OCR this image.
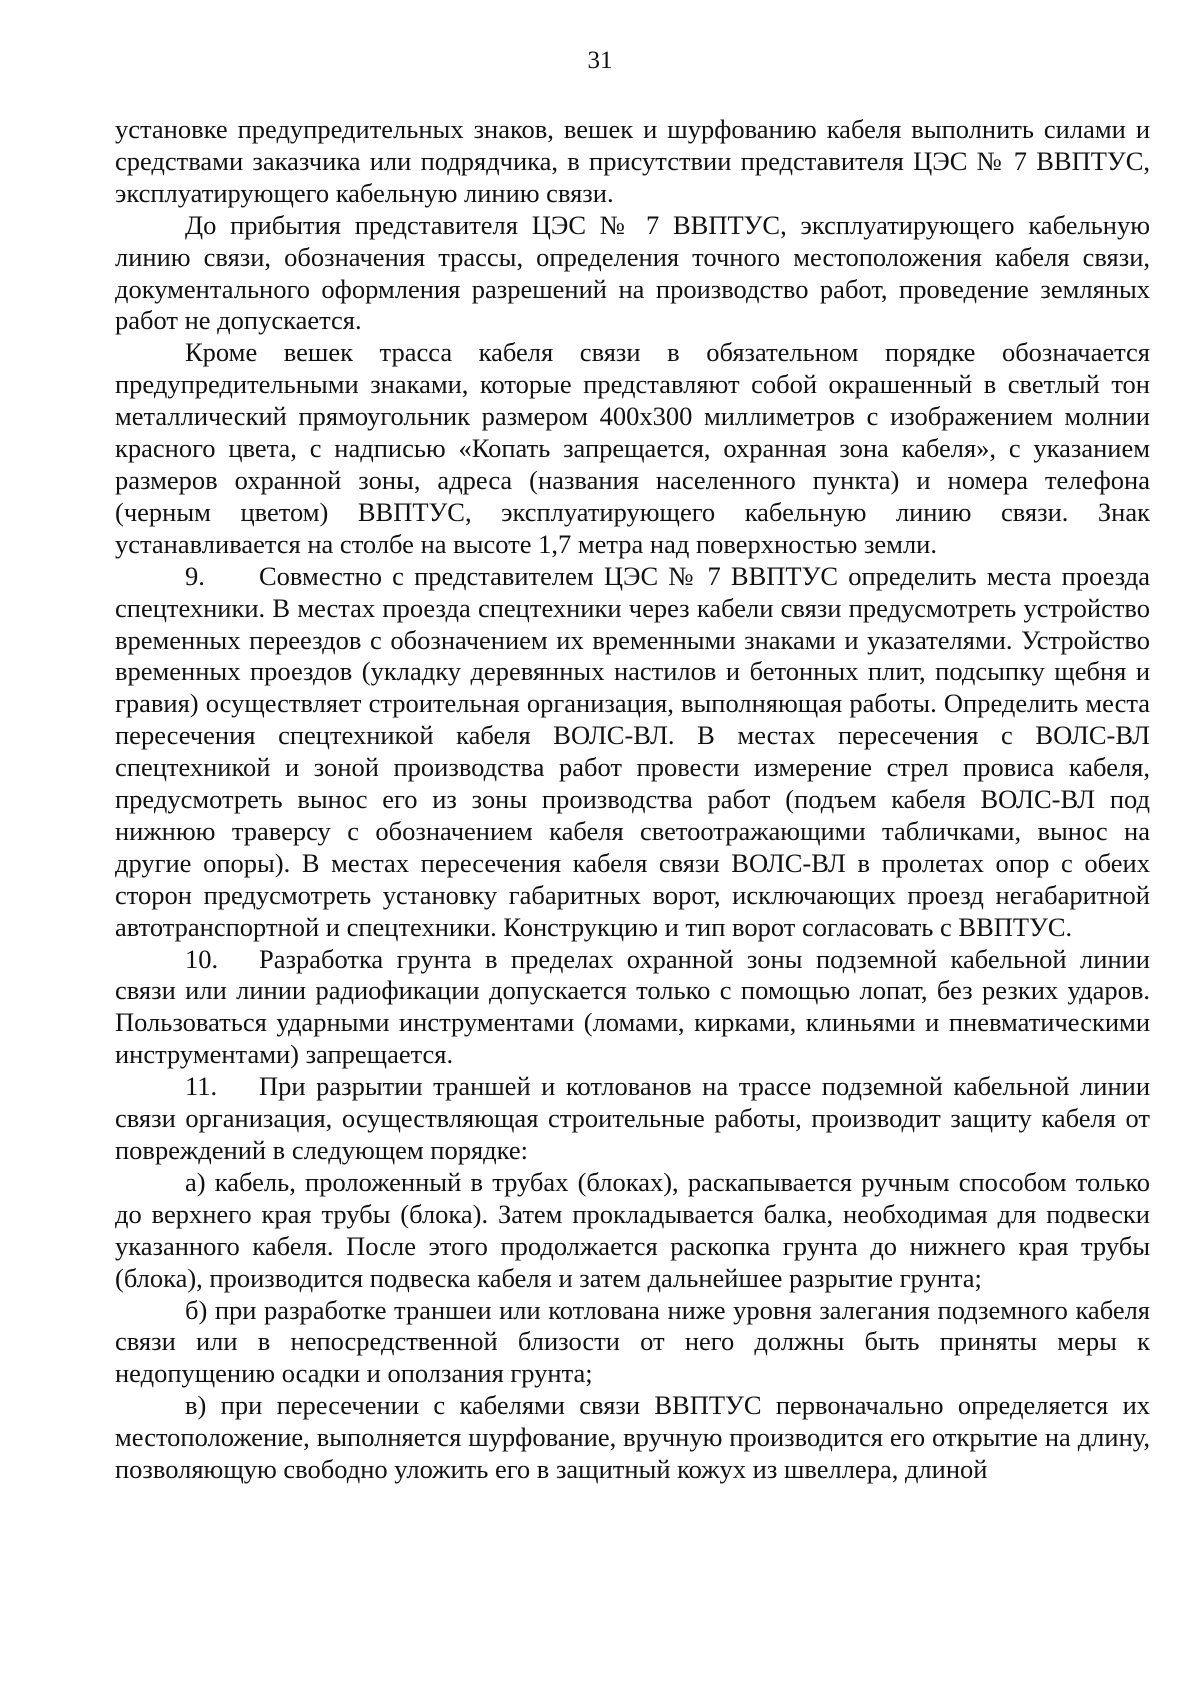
31

установке предупредительных знаков, вешек и шурфованию кабеля выполнить силами и средствами заказчика или подрядчика, в присутствии представителя ЦЭС № 7 ВВПТУС, эксплуатирующего кабельную линию связи.

До прибытия представителя ЦЭС № 7 ВВПТУС, эксплуатирующего кабельную линию связи, обозначения трассы, определения точного местоположения кабеля связи, документального оформления разрешений на производство работ, проведение земляных работ не допускается.

Кроме вешек трасса кабеля связи в обязательном порядке обозначается предупредительными знаками, которые представляют собой окрашенный в светлый тон металлический прямоугольник размером 400х300 миллиметров с изображением молнии красного цвета, с надписью «Копать запрещается, охранная зона кабеля», с указанием размеров охранной зоны, адреса (названия населенного пункта) и номера телефона (черным цветом) ВВПТУС, эксплуатирующего кабельную линию связи. Знак устанавливается на столбе на высоте 1,7 метра над поверхностью земли.

9. Совместно с представителем ЦЭС № 7 ВВПТУС определить места проезда спецтехники. В местах проезда спецтехники через кабели связи предусмотреть устройство временных переездов с обозначением их временными знаками и указателями. Устройство временных проездов (укладку деревянных настилов и бетонных плит, подсыпку щебня и гравия) осуществляет строительная организация, выполняющая работы. Определить места пересечения спецтехникой кабеля ВОЛС-ВЛ. В местах пересечения с ВОЛС-ВЛ спецтехникой и зоной производства работ провести измерение стрел провиса кабеля, предусмотреть вынос его из зоны производства работ (подъем кабеля ВОЛС-ВЛ под нижнюю траверсу с обозначением кабеля светоотражающими табличками, вынос на другие опоры). В местах пересечения кабеля связи ВОЛС-ВЛ в пролетах опор с обеих сторон предусмотреть установку габаритных ворот, исключающих проезд негабаритной автотранспортной и спецтехники. Конструкцию и тип ворот согласовать с ВВПТУС.

10. Разработка грунта в пределах охранной зоны подземной кабельной линии связи или линии радиофикации допускается только с помощью лопат, без резких ударов. Пользоваться ударными инструментами (ломами, кирками, клиньями и пневматическими инструментами) запрещается.

11. При разрытии траншей и котлованов на трассе подземной кабельной линии связи организация, осуществляющая строительные работы, производит защиту кабеля от повреждений в следующем порядке:

а) кабель, проложенный в трубах (блоках), раскапывается ручным способом только до верхнего края трубы (блока). Затем прокладывается балка, необходимая для подвески указанного кабеля. После этого продолжается раскопка грунта до нижнего края трубы (блока), производится подвеска кабеля и затем дальнейшее разрытие грунта;

б) при разработке траншеи или котлована ниже уровня залегания подземного кабеля связи или в непосредственной близости от него должны быть приняты меры к недопущению осадки и оползания грунта;

в) при пересечении с кабелями связи ВВПТУС первоначально определяется их местоположение, выполняется шурфование, вручную производится его открытие на длину, позволяющую свободно уложить его в защитный кожух из швеллера, длиной
